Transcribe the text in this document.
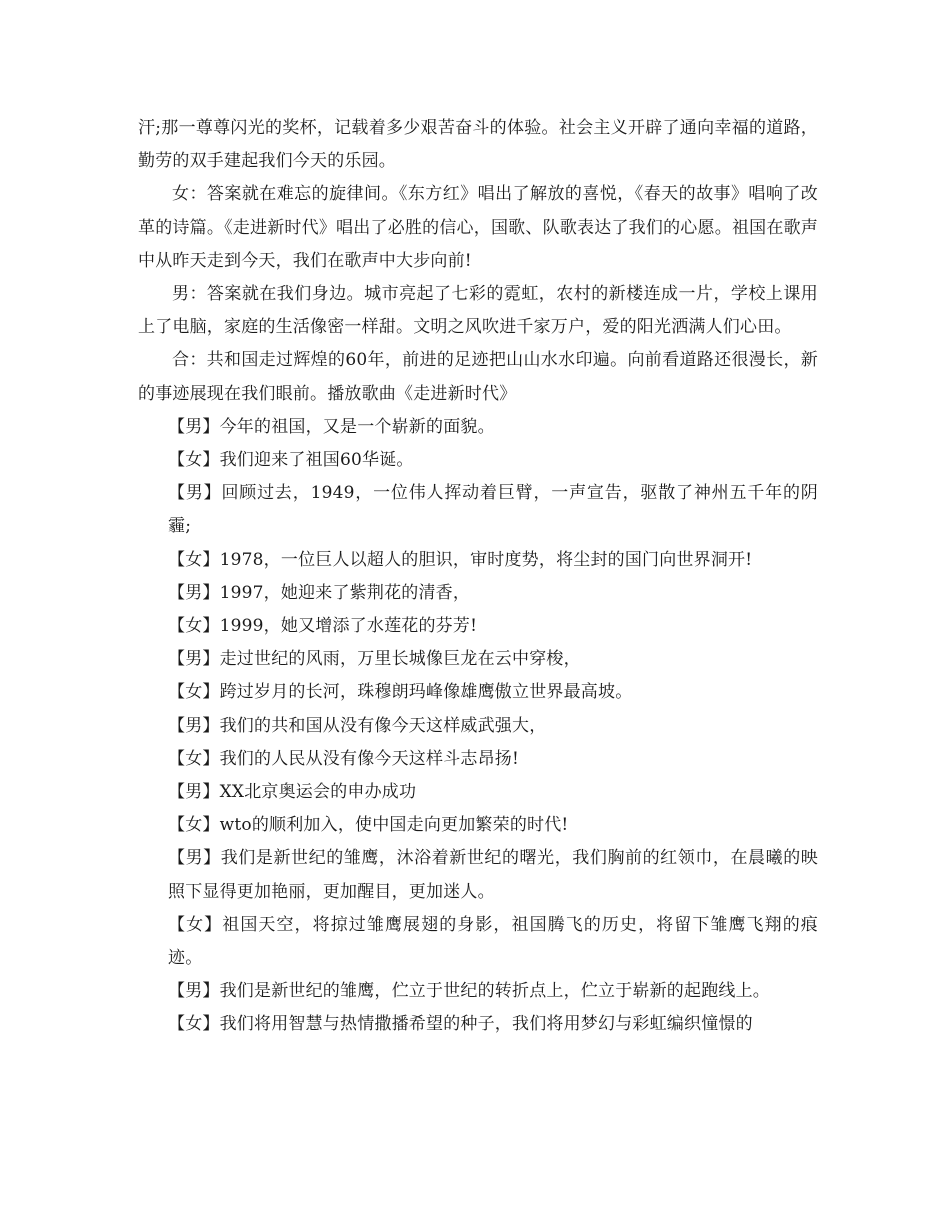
汗;那一尊尊闪光的奖杯，记载着多少艰苦奋斗的体验。社会主义开辟了通向幸福的道路，勤劳的双手建起我们今天的乐园。

女：答案就在难忘的旋律间。《东方红》唱出了解放的喜悦，《春天的故事》唱响了改革的诗篇。《走进新时代》唱出了必胜的信心，国歌、队歌表达了我们的心愿。祖国在歌声中从昨天走到今天，我们在歌声中大步向前!

男：答案就在我们身边。城市亮起了七彩的霓虹，农村的新楼连成一片，学校上课用上了电脑，家庭的生活像密一样甜。文明之风吹进千家万户，爱的阳光洒满人们心田。

合：共和国走过辉煌的60年，前进的足迹把山山水水印遍。向前看道路还很漫长，新的事迹展现在我们眼前。播放歌曲《走进新时代》

【男】今年的祖国，又是一个崭新的面貌。

【女】我们迎来了祖国60华诞。

【男】回顾过去，1949，一位伟人挥动着巨臂，一声宣告，驱散了神州五千年的阴霾;

【女】1978，一位巨人以超人的胆识，审时度势，将尘封的国门向世界洞开!

【男】1997，她迎来了紫荆花的清香，

【女】1999，她又增添了水莲花的芬芳!

【男】走过世纪的风雨，万里长城像巨龙在云中穿梭，

【女】跨过岁月的长河，珠穆朗玛峰像雄鹰傲立世界最高坡。

【男】我们的共和国从没有像今天这样威武强大，

【女】我们的人民从没有像今天这样斗志昂扬!

【男】XX北京奥运会的申办成功

【女】wto的顺利加入，使中国走向更加繁荣的时代!

【男】我们是新世纪的雏鹰，沐浴着新世纪的曙光，我们胸前的红领巾，在晨曦的映照下显得更加艳丽，更加醒目，更加迷人。

【女】祖国天空，将掠过雏鹰展翅的身影，祖国腾飞的历史，将留下雏鹰飞翔的痕迹。

【男】我们是新世纪的雏鹰，伫立于世纪的转折点上，伫立于崭新的起跑线上。

【女】我们将用智慧与热情撒播希望的种子，我们将用梦幻与彩虹编织憧憬的
